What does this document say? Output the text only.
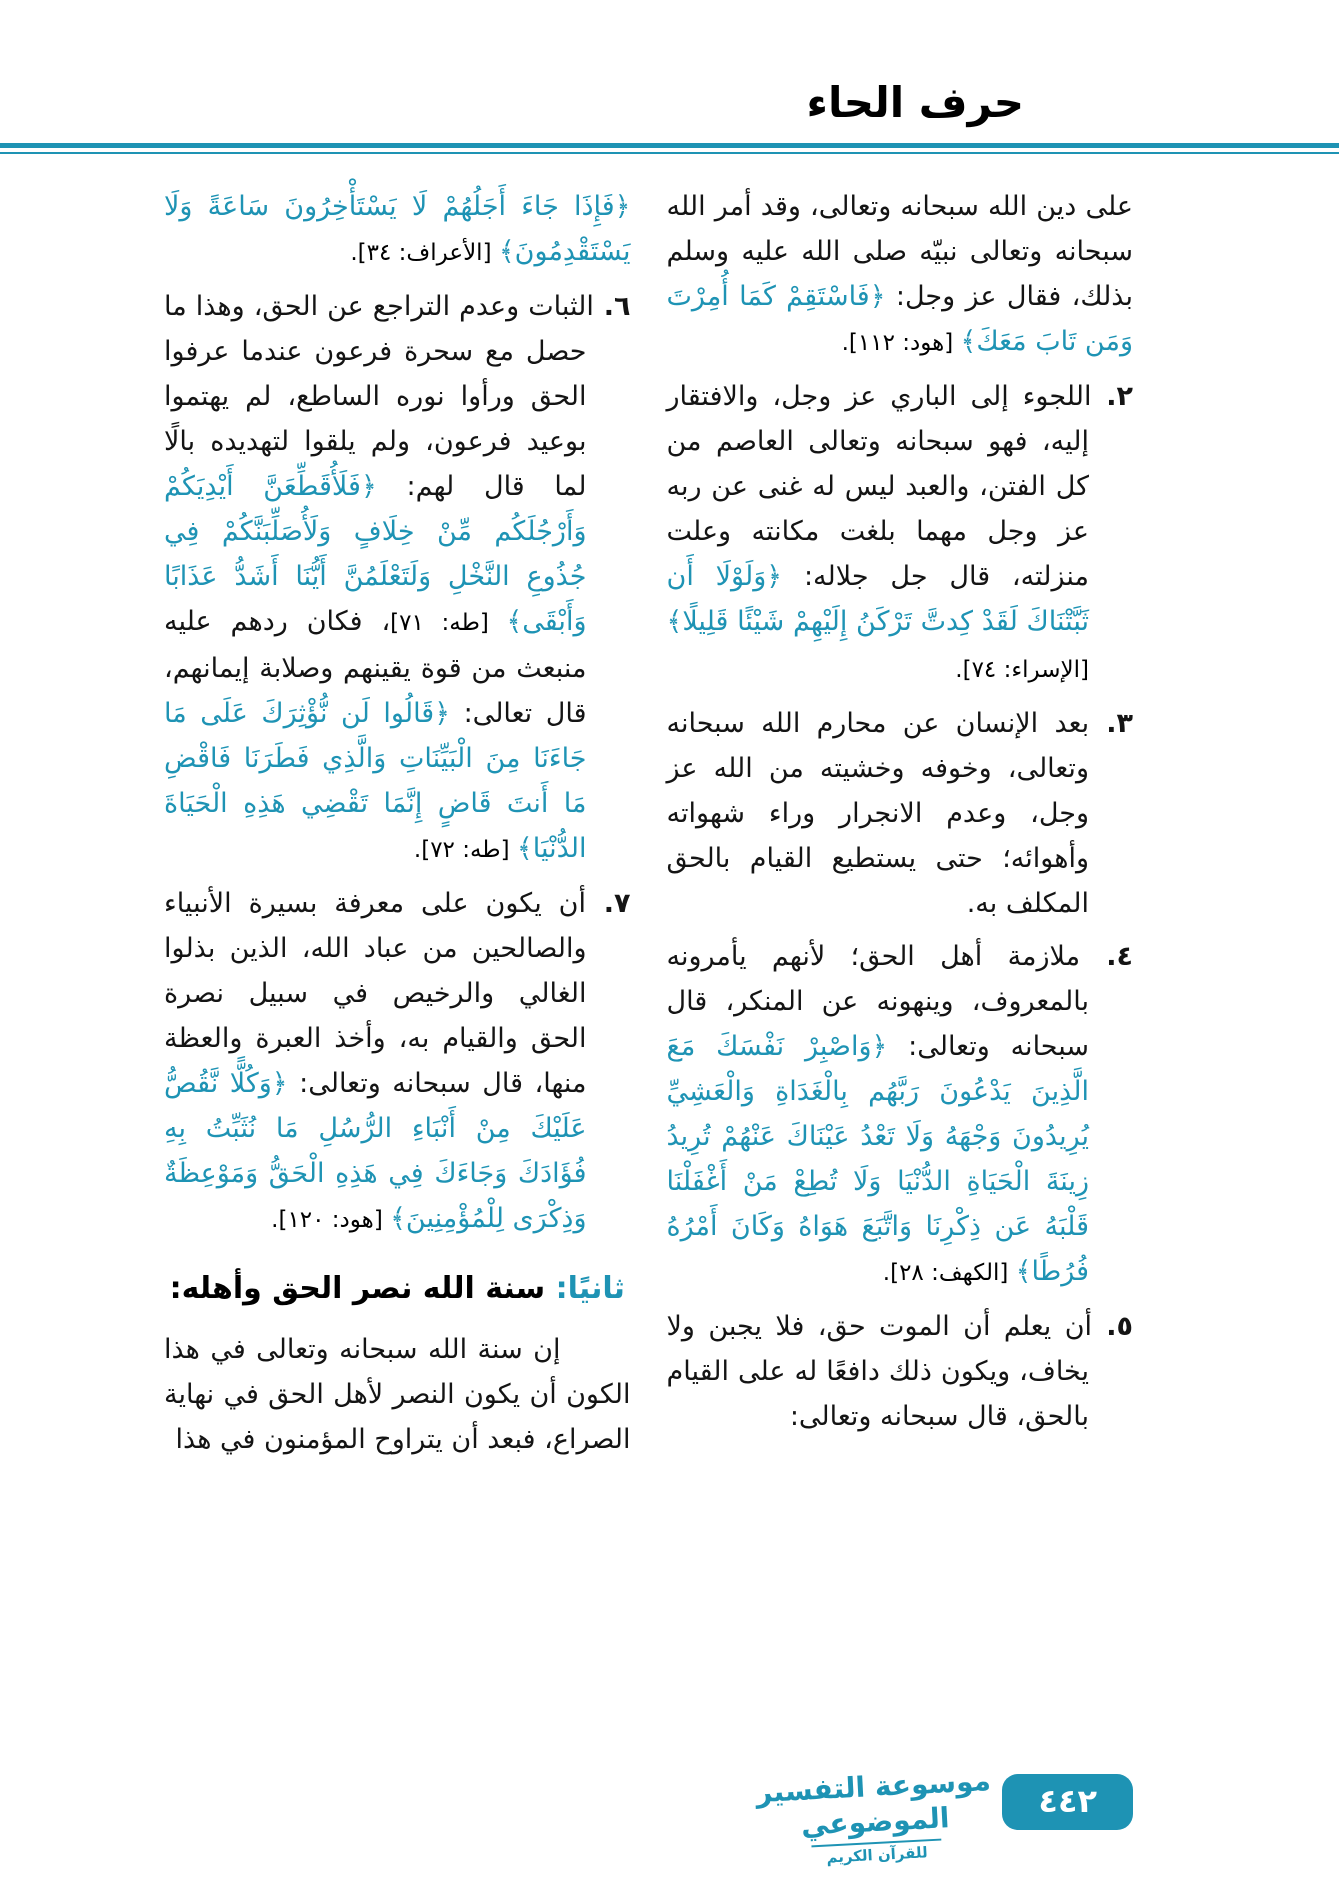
حرف الحاء

على دين الله سبحانه وتعالى، وقد أمر الله سبحانه وتعالى نبيّه صلى الله عليه وسلم بذلك، فقال عز وجل: ﴿فَاسْتَقِمْ كَمَا أُمِرْتَ وَمَن تَابَ مَعَكَ﴾ [هود: ١١٢].

٢. اللجوء إلى الباري عز وجل، والافتقار إليه، فهو سبحانه وتعالى العاصم من كل الفتن، والعبد ليس له غنى عن ربه عز وجل مهما بلغت مكانته وعلت منزلته، قال جل جلاله: ﴿وَلَوْلَا أَن ثَبَّتْنَاكَ لَقَدْ كِدتَّ تَرْكَنُ إِلَيْهِمْ شَيْئًا قَلِيلًا﴾ [الإسراء: ٧٤].

٣. بعد الإنسان عن محارم الله سبحانه وتعالى، وخوفه وخشيته من الله عز وجل، وعدم الانجرار وراء شهواته وأهوائه؛ حتى يستطيع القيام بالحق المكلف به.

٤. ملازمة أهل الحق؛ لأنهم يأمرونه بالمعروف، وينهونه عن المنكر، قال سبحانه وتعالى: ﴿وَاصْبِرْ نَفْسَكَ مَعَ الَّذِينَ يَدْعُونَ رَبَّهُم بِالْغَدَاةِ وَالْعَشِيِّ يُرِيدُونَ وَجْهَهُ وَلَا تَعْدُ عَيْنَاكَ عَنْهُمْ تُرِيدُ زِينَةَ الْحَيَاةِ الدُّنْيَا وَلَا تُطِعْ مَنْ أَغْفَلْنَا قَلْبَهُ عَن ذِكْرِنَا وَاتَّبَعَ هَوَاهُ وَكَانَ أَمْرُهُ فُرُطًا﴾ [الكهف: ٢٨].

٥. أن يعلم أن الموت حق، فلا يجبن ولا يخاف، ويكون ذلك دافعًا له على القيام بالحق، قال سبحانه وتعالى:

﴿فَإِذَا جَاءَ أَجَلُهُمْ لَا يَسْتَأْخِرُونَ سَاعَةً وَلَا يَسْتَقْدِمُونَ﴾ [الأعراف: ٣٤].

٦. الثبات وعدم التراجع عن الحق، وهذا ما حصل مع سحرة فرعون عندما عرفوا الحق ورأوا نوره الساطع، لم يهتموا بوعيد فرعون، ولم يلقوا لتهديده بالًا لما قال لهم: ﴿فَلَأُقَطِّعَنَّ أَيْدِيَكُمْ وَأَرْجُلَكُم مِّنْ خِلَافٍ وَلَأُصَلِّبَنَّكُمْ فِي جُذُوعِ النَّخْلِ وَلَتَعْلَمُنَّ أَيُّنَا أَشَدُّ عَذَابًا وَأَبْقَى﴾ [طه: ٧١]، فكان ردهم عليه منبعث من قوة يقينهم وصلابة إيمانهم، قال تعالى: ﴿قَالُوا لَن نُّؤْثِرَكَ عَلَى مَا جَاءَنَا مِنَ الْبَيِّنَاتِ وَالَّذِي فَطَرَنَا فَاقْضِ مَا أَنتَ قَاضٍ إِنَّمَا تَقْضِي هَذِهِ الْحَيَاةَ الدُّنْيَا﴾ [طه: ٧٢].

٧. أن يكون على معرفة بسيرة الأنبياء والصالحين من عباد الله، الذين بذلوا الغالي والرخيص في سبيل نصرة الحق والقيام به، وأخذ العبرة والعظة منها، قال سبحانه وتعالى: ﴿وَكُلًّا نَّقُصُّ عَلَيْكَ مِنْ أَنْبَاءِ الرُّسُلِ مَا نُثَبِّتُ بِهِ فُؤَادَكَ وَجَاءَكَ فِي هَذِهِ الْحَقُّ وَمَوْعِظَةٌ وَذِكْرَى لِلْمُؤْمِنِينَ﴾ [هود: ١٢٠].

ثانيًا: سنة الله نصر الحق وأهله:

إن سنة الله سبحانه وتعالى في هذا الكون أن يكون النصر لأهل الحق في نهاية الصراع، فبعد أن يتراوح المؤمنون في هذا

موسوعة التفسير الموضوعي
للقرآن الكريم
٤٤٢
